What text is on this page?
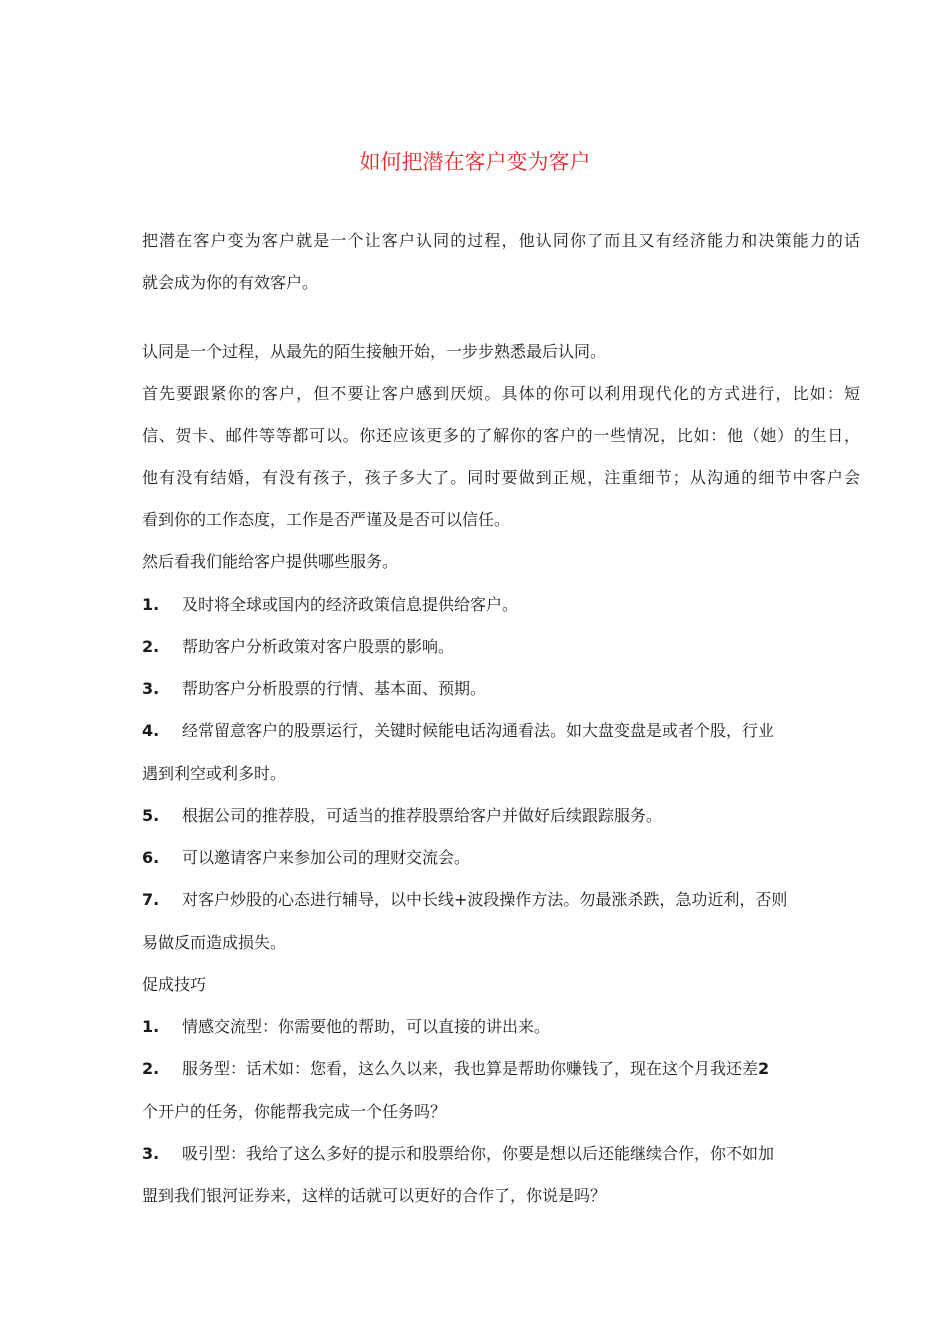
如何把潜在客户变为客户

把潜在客户变为客户就是一个让客户认同的过程，他认同你了而且又有经济能力和决策能力的话

就会成为你的有效客户。

认同是一个过程，从最先的陌生接触开始，一步步熟悉最后认同。

首先要跟紧你的客户，但不要让客户感到厌烦。具体的你可以利用现代化的方式进行，比如：短

信、贺卡、邮件等等都可以。你还应该更多的了解你的客户的一些情况，比如：他（她）的生日，

他有没有结婚，有没有孩子，孩子多大了。同时要做到正规，注重细节；从沟通的细节中客户会

看到你的工作态度，工作是否严谨及是否可以信任。

然后看我们能给客户提供哪些服务。

1. 及时将全球或国内的经济政策信息提供给客户。

2. 帮助客户分析政策对客户股票的影响。

3. 帮助客户分析股票的行情、基本面、预期。

4. 经常留意客户的股票运行，关键时候能电话沟通看法。如大盘变盘是或者个股，行业

遇到利空或利多时。

5. 根据公司的推荐股，可适当的推荐股票给客户并做好后续跟踪服务。

6. 可以邀请客户来参加公司的理财交流会。

7. 对客户炒股的心态进行辅导，以中长线+波段操作方法。勿最涨杀跌，急功近利，否则

易做反而造成损失。

促成技巧

1. 情感交流型：你需要他的帮助，可以直接的讲出来。

2. 服务型：话术如：您看，这么久以来，我也算是帮助你赚钱了，现在这个月我还差2

个开户的任务，你能帮我完成一个任务吗？

3. 吸引型：我给了这么多好的提示和股票给你，你要是想以后还能继续合作，你不如加

盟到我们银河证券来，这样的话就可以更好的合作了，你说是吗？
